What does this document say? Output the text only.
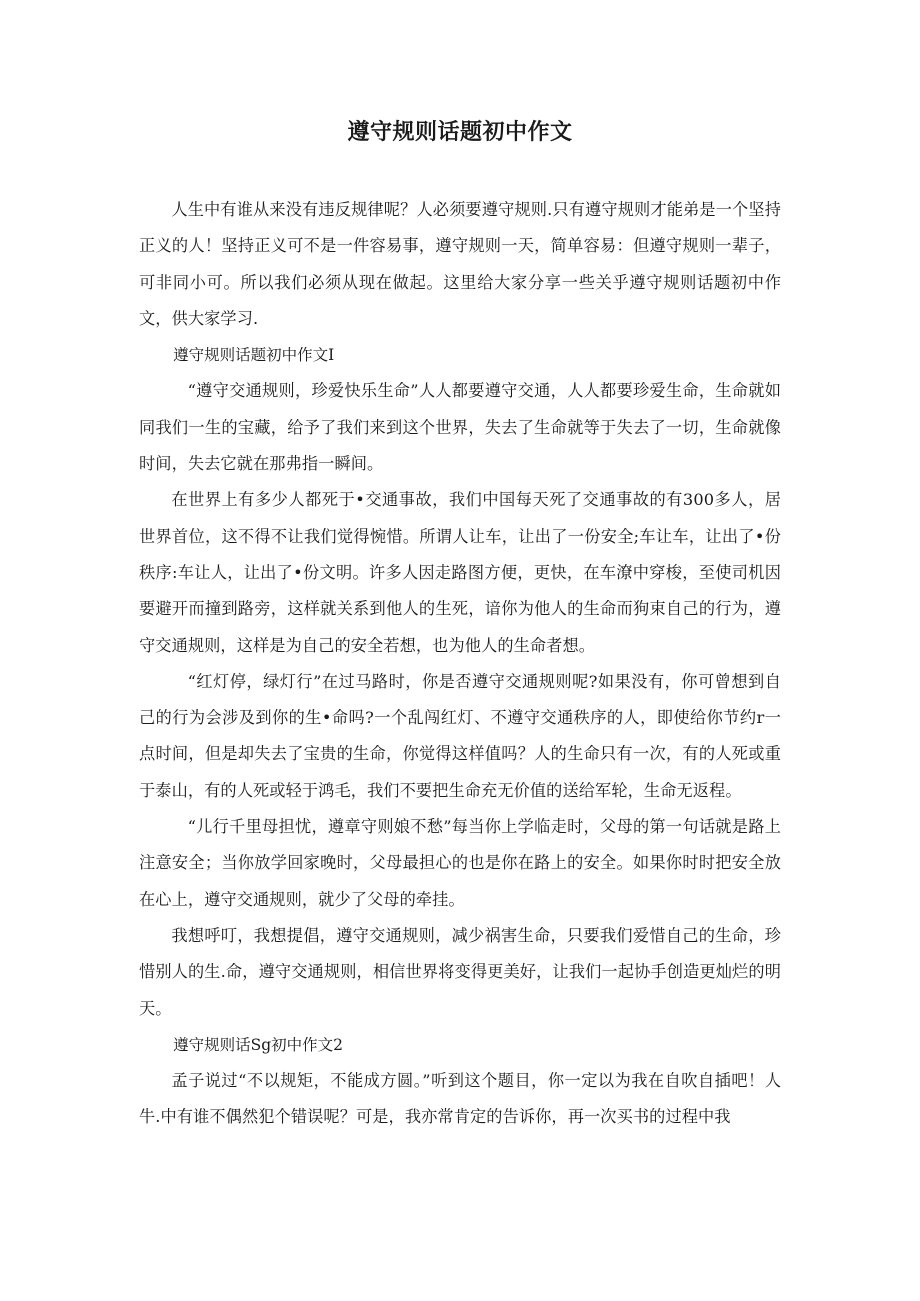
遵守规则话题初中作文

人生中有谁从来没有违反规律呢？人必须要遵守规则.只有遵守规则才能弟是一个坚持正义的人！坚持正义可不是一件容易事，遵守规则一天，简单容易：但遵守规则一辈子，可非同小可。所以我们必须从现在做起。这里给大家分享一些关乎遵守规则话题初中作文，供大家学习.

遵守规则话题初中作文I

“遵守交通规则，珍爱快乐生命”人人都要遵守交通，人人都要珍爱生命，生命就如同我们一生的宝藏，给予了我们来到这个世界，失去了生命就等于失去了一切，生命就像时间，失去它就在那弗指一瞬间。

在世界上有多少人都死于•交通事故，我们中国每天死了交通事故的有300多人，居世界首位，这不得不让我们觉得惋惜。所谓人让车，让出了一份安全;车让车，让出了•份秩序:车让人，让出了•份文明。许多人因走路图方便，更快，在车潦中穿梭，至使司机因要避开而撞到路旁，这样就关系到他人的生死，谙你为他人的生命而狗束自己的行为，遵守交通规则，这样是为自己的安全若想，也为他人的生命者想。

“红灯停，绿灯行”在过马路时，你是否遵守交通规则呢?如果没有，你可曾想到自己的行为会涉及到你的生•命吗?一个乱闯红灯、不遵守交通秩序的人，即使给你节约r一点时间，但是却失去了宝贵的生命，你觉得这样值吗？人的生命只有一次，有的人死或重于泰山，有的人死或轻于鸿毛，我们不要把生命充无价值的送给军轮，生命无返程。

“儿行千里母担忧，遵章守则娘不愁”每当你上学临走时，父母的第一句话就是路上注意安全；当你放学回家晚时，父母最担心的也是你在路上的安全。如果你时时把安全放在心上，遵守交通规则，就少了父母的牵挂。

我想呼叮，我想提倡，遵守交通规则，减少祸害生命，只要我们爱惜自己的生命，珍惜别人的生.命，遵守交通规则，相信世界将变得更美好，让我们一起协手创造更灿烂的明天。

遵守规则话Sg初中作文2

孟子说过“不以规矩，不能成方圆。”听到这个题目，你一定以为我在自吹自插吧！人牛.中有谁不偶然犯个错误呢？可是，我亦常肯定的告诉你，再一次买书的过程中我
